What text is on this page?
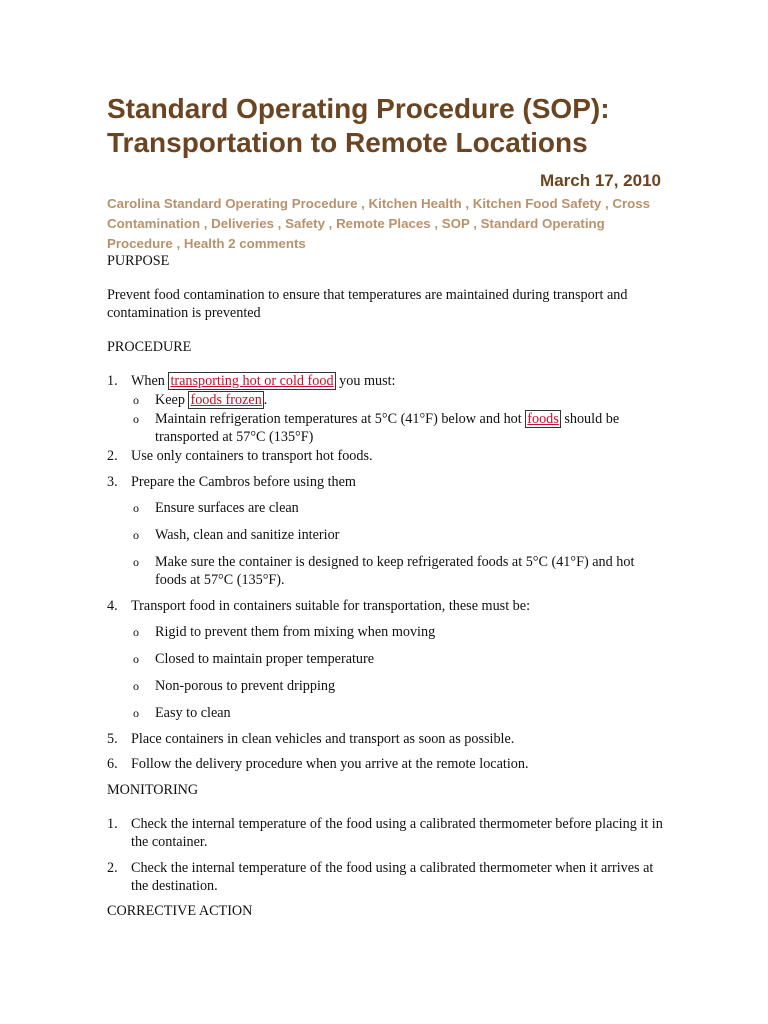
Standard Operating Procedure (SOP): Transportation to Remote Locations
March 17, 2010
Carolina Standard Operating Procedure , Kitchen Health , Kitchen Food Safety , Cross Contamination , Deliveries , Safety , Remote Places , SOP , Standard Operating Procedure , Health 2 comments

PURPOSE

Prevent food contamination to ensure that temperatures are maintained during transport and contamination is prevented

PROCEDURE

1. When transporting hot or cold food you must:
o Keep foods frozen .
o Maintain refrigeration temperatures at 5°C (41°F) below and hot foods should be transported at 57°C (135°F)
2. Use only containers to transport hot foods.
3. Prepare the Cambros before using them
o Ensure surfaces are clean
o Wash, clean and sanitize interior
o Make sure the container is designed to keep refrigerated foods at 5°C (41°F) and hot foods at 57°C (135°F).
4. Transport food in containers suitable for transportation, these must be:
o Rigid to prevent them from mixing when moving
o Closed to maintain proper temperature
o Non-porous to prevent dripping
o Easy to clean
5. Place containers in clean vehicles and transport as soon as possible.
6. Follow the delivery procedure when you arrive at the remote location.

MONITORING

1. Check the internal temperature of the food using a calibrated thermometer before placing it in the container.
2. Check the internal temperature of the food using a calibrated thermometer when it arrives at the destination.

CORRECTIVE ACTION
